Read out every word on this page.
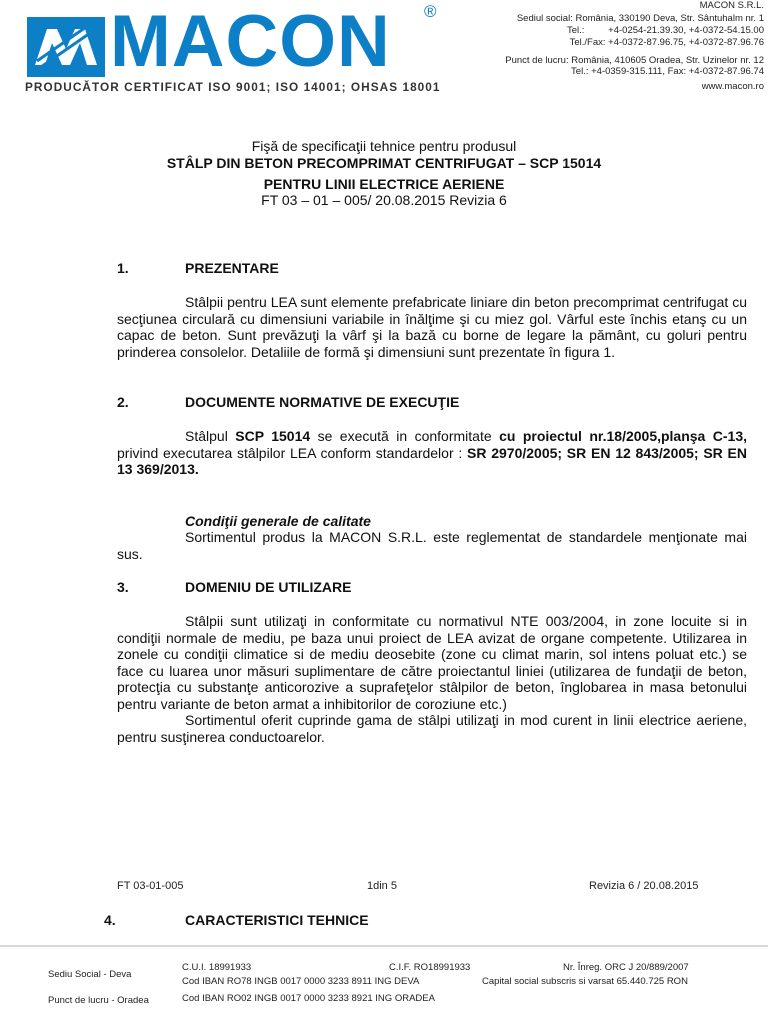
MACON ®
PRODUCĂTOR CERTIFICAT ISO 9001; ISO 14001; OHSAS 18001
MACON S.R.L.
Sediul social: România, 330190 Deva, Str. Sântuhalm nr. 1
Tel.:         +4-0254-21.39.30, +4-0372-54.15.00
Tel./Fax: +4-0372-87.96.75, +4-0372-87.96.76
Punct de lucru: România, 410605 Oradea, Str. Uzinelor nr. 12
Tel.: +4-0359-315.111, Fax: +4-0372-87.96.74
www.macon.ro
Fişă de specificaţii tehnice pentru produsul
STÂLP DIN BETON PRECOMPRIMAT CENTRIFUGAT – SCP 15014
PENTRU LINII ELECTRICE AERIENE
FT 03 – 01 – 005/ 20.08.2015 Revizia 6
1.	PREZENTARE

Stâlpii pentru LEA sunt elemente prefabricate liniare din beton precomprimat centrifugat cu secţiunea circulară cu dimensiuni variabile in înălţime şi cu miez gol. Vârful este închis etanş cu un capac de beton. Sunt prevăzuţi la vârf şi la bază cu borne de legare la pământ, cu goluri pentru prinderea consolelor. Detaliile de formă şi dimensiuni sunt prezentate în figura 1.

2.	DOCUMENTE NORMATIVE DE EXECUŢIE

Stâlpul SCP 15014 se execută in conformitate cu proiectul nr.18/2005,planşa C-13, privind executarea stâlpilor LEA conform standardelor : SR 2970/2005; SR EN 12 843/2005; SR EN 13 369/2013.

Condiţii generale de calitate

Sortimentul produs la MACON S.R.L. este reglementat de standardele menţionate mai sus.

3.	DOMENIU DE UTILIZARE

Stâlpii sunt utilizaţi in conformitate cu normativul NTE 003/2004, in zone locuite si in condiţii normale de mediu, pe baza unui proiect de LEA avizat de organe competente. Utilizarea in zonele cu condiţii climatice si de mediu deosebite (zone cu climat marin, sol intens poluat etc.) se face cu luarea unor măsuri suplimentare de către proiectantul liniei (utilizarea de fundaţii de beton, protecţia cu substanţe anticorozive a suprafeţelor stâlpilor de beton, înglobarea in masa betonului pentru variante de beton armat a inhibitorilor de coroziune etc.)

Sortimentul oferit cuprinde gama de stâlpi utilizaţi in mod curent in linii electrice aeriene, pentru susţinerea conductoarelor.

FT 03-01-005	1din 5	Revizia 6 / 20.08.2015
4.	CARACTERISTICI TEHNICE
Sediu Social - Deva
Punct de lucru - Oradea
C.U.I. 18991933	C.I.F. RO18991933	Nr. Înreg. ORC J 20/889/2007
Cod IBAN RO78 INGB 0017 0000 3233 8911 ING DEVA	Capital social subscris si varsat 65.440.725 RON
Cod IBAN RO02 INGB 0017 0000 3233 8921 ING ORADEA
